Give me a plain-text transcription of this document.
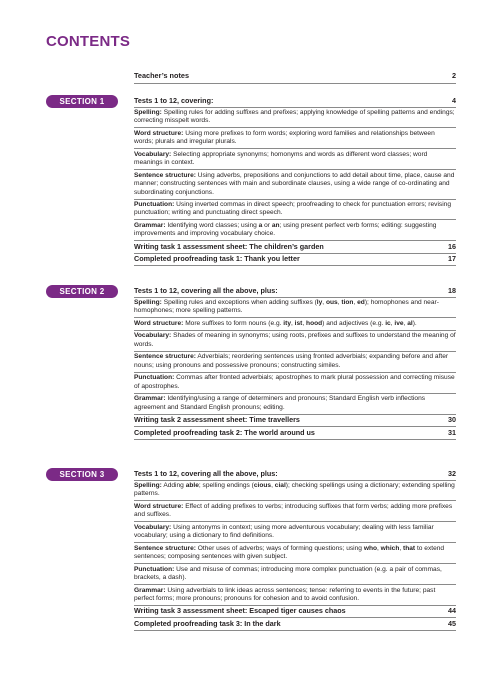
CONTENTS
Teacher’s notes	2
SECTION 1	Tests 1 to 12, covering:	4
Spelling: Spelling rules for adding suffixes and prefixes; applying knowledge of spelling patterns and endings; correcting misspelt words.
Word structure: Using more prefixes to form words; exploring word families and relationships between words; plurals and irregular plurals.
Vocabulary: Selecting appropriate synonyms; homonyms and words as different word classes; word meanings in context.
Sentence structure: Using adverbs, prepositions and conjunctions to add detail about time, place, cause and manner; constructing sentences with main and subordinate clauses, using a wide range of co-ordinating and subordinating conjunctions.
Punctuation: Using inverted commas in direct speech; proofreading to check for punctuation errors; revising punctuation; writing and punctuating direct speech.
Grammar: Identifying word classes; using a or an; using present perfect verb forms; editing: suggesting improvements and improving vocabulary choice.
Writing task 1 assessment sheet: The children’s garden	16
Completed proofreading task 1: Thank you letter	17
SECTION 2	Tests 1 to 12, covering all the above, plus:	18
Spelling: Spelling rules and exceptions when adding suffixes (ly, ous, tion, ed); homophones and near-homophones; more spelling patterns.
Word structure: More suffixes to form nouns (e.g. ity, ist, hood) and adjectives (e.g. ic, ive, al).
Vocabulary: Shades of meaning in synonyms; using roots, prefixes and suffixes to understand the meaning of words.
Sentence structure: Adverbials; reordering sentences using fronted adverbials; expanding before and after nouns; using pronouns and possessive pronouns; constructing similes.
Punctuation: Commas after fronted adverbials; apostrophes to mark plural possession and correcting misuse of apostrophes.
Grammar: Identifying/using a range of determiners and pronouns; Standard English verb inflections agreement and Standard English pronouns; editing.
Writing task 2 assessment sheet: Time travellers	30
Completed proofreading task 2: The world around us	31
SECTION 3	Tests 1 to 12, covering all the above, plus:	32
Spelling: Adding able; spelling endings (cious, cial); checking spellings using a dictionary; extending spelling patterns.
Word structure: Effect of adding prefixes to verbs; introducing suffixes that form verbs; adding more prefixes and suffixes.
Vocabulary: Using antonyms in context; using more adventurous vocabulary; dealing with less familiar vocabulary; using a dictionary to find definitions.
Sentence structure: Other uses of adverbs; ways of forming questions; using who, which, that to extend sentences; composing sentences with given subject.
Punctuation: Use and misuse of commas; introducing more complex punctuation (e.g. a pair of commas, brackets, a dash).
Grammar: Using adverbials to link ideas across sentences; tense: referring to events in the future; past perfect forms; more pronouns; pronouns for cohesion and to avoid confusion.
Writing task 3 assessment sheet: Escaped tiger causes chaos	44
Completed proofreading task 3: In the dark	45
